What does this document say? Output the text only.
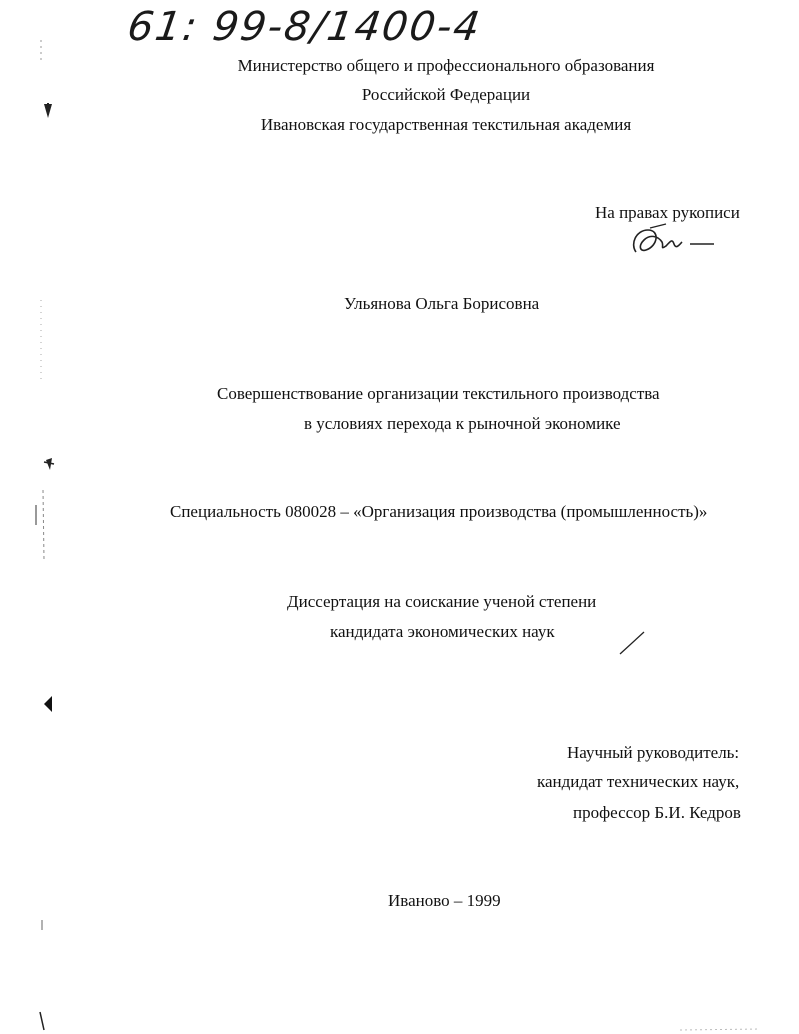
61: 99-8/1400-4

Министерство общего и профессионального образования

Российской Федерации

Ивановская государственная текстильная академия

На правах рукописи

Ульянова Ольга Борисовна

Совершенствование организации текстильного производства

в условиях перехода к рыночной экономике

Специальность 080028 – «Организация производства (промышленность)»

Диссертация на соискание ученой степени

кандидата экономических наук

Научный руководитель:

кандидат технических наук,

профессор Б.И. Кедров

Иваново – 1999
